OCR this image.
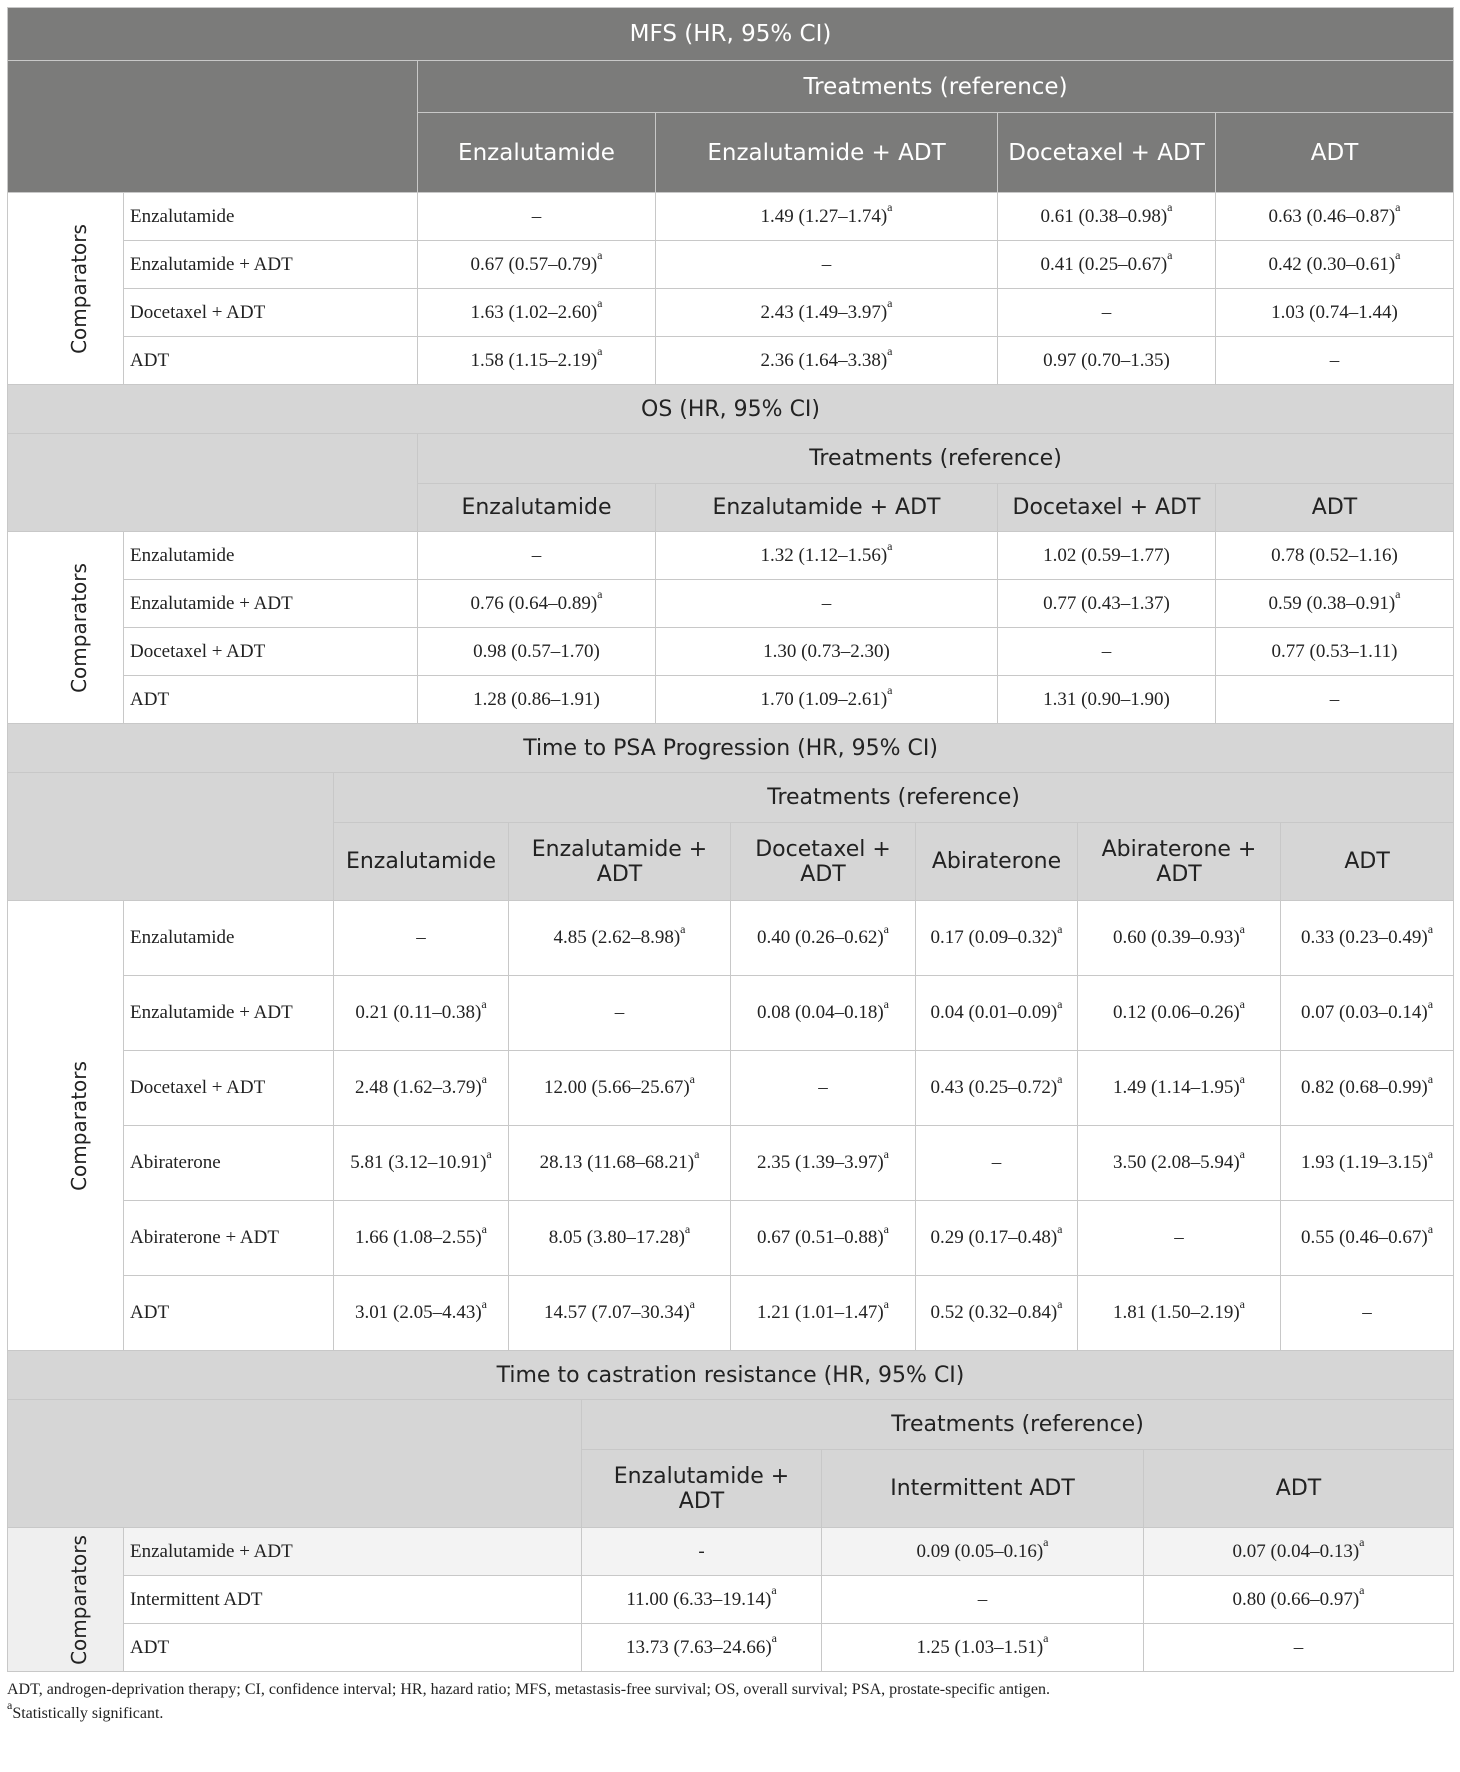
MFS (HR, 95% CI)					
		Treatments (reference)			
		Enzalutamide	Enzalutamide + ADT	Docetaxel + ADT	ADT
Comparators	Enzalutamide	–	1.49 $(1.27-1.74)^a$	0.61 $(0.38-0.98)^a$	0.63 $(0.46-0.87)^a$
	Enzalutamide + ADT	0.67 $(0.57-0.79)^a$	–	0.41 $(0.25-0.67)^a$	0.42 $(0.30-0.61)^a$
	Docetaxel + ADT	1.63 $(1.02-2.60)^a$	2.43 $(1.49-3.97)^a$	–	1.03 (0.74–1.44)
	ADT	1.58 $(1.15-2.19)^a$	2.36 $(1.64-3.38)^a$	0.97 (0.70–1.35)	–
OS (HR, 95% CI)					
		Treatments (reference)			
		Enzalutamide	Enzalutamide + ADT	Docetaxel + ADT	ADT
Comparators	Enzalutamide	–	1.32 $(1.12-1.56)^a$	1.02 (0.59–1.77)	0.78 (0.52–1.16)
	Enzalutamide + ADT	0.76 $(0.64-0.89)^a$	–	0.77 (0.43–1.37)	0.59 $(0.38-0.91)^a$
	Docetaxel + ADT	0.98 (0.57–1.70)	1.30 (0.73–2.30)	–	0.77 (0.53–1.11)
	ADT	1.28 (0.86–1.91)	1.70 $(1.09-2.61)^a$	1.31 (0.90–1.90)	–
Time to PSA Progression (HR, 95% CI)							
		Treatments (reference)					
		Enzalutamide	Enzalutamide + ADT	Docetaxel + ADT	Abiraterone	Abiraterone + ADT	ADT
Comparators	Enzalutamide	–	4.85 $(2.62-8.98)^a$	0.40 $(0.26-0.62)^a$	0.17 $(0.09-0.32)^a$	0.60 $(0.39-0.93)^a$	0.33 $(0.23-0.49)^a$
	Enzalutamide + ADT	0.21 $(0.11-0.38)^a$	–	0.08 $(0.04-0.18)^a$	0.04 $(0.01-0.09)^a$	0.12 $(0.06-0.26)^a$	0.07 $(0.03-0.14)^a$
	Docetaxel + ADT	2.48 $(1.62-3.79)^a$	12.00 $(5.66-25.67)^a$	–	0.43 $(0.25-0.72)^a$	1.49 $(1.14-1.95)^a$	0.82 $(0.68-0.99)^a$
	Abiraterone	5.81 $(3.12-10.91)^a$	28.13 $(11.68-68.21)^a$	2.35 $(1.39-3.97)^a$	–	3.50 $(2.08-5.94)^a$	1.93 $(1.19-3.15)^a$
	Abiraterone + ADT	1.66 $(1.08-2.55)^a$	8.05 $(3.80-17.28)^a$	0.67 $(0.51-0.88)^a$	0.29 $(0.17-0.48)^a$	–	0.55 $(0.46-0.67)^a$
	ADT	3.01 $(2.05-4.43)^a$	14.57 $(7.07-30.34)^a$	1.21 $(1.01-1.47)^a$	0.52 $(0.32-0.84)^a$	1.81 $(1.50-2.19)^a$	–
Time to castration resistance (HR, 95% CI)				
		Treatments (reference)		
		Enzalutamide + ADT	Intermittent ADT	ADT
Comparators	Enzalutamide + ADT	-	0.09 $(0.05-0.16)^a$	0.07 $(0.04-0.13)^a$
	Intermittent ADT	11.00 $(6.33-19.14)^a$	–	0.80 $(0.66-0.97)^a$
	ADT	13.73 $(7.63-24.66)^a$	1.25 $(1.03-1.51)^a$	–

ADT, androgen-deprivation therapy; CI, confidence interval; HR, hazard ratio; MFS, metastasis-free survival; OS, overall survival; PSA, prostate-specific antigen.

$^a$Statistically significant.
